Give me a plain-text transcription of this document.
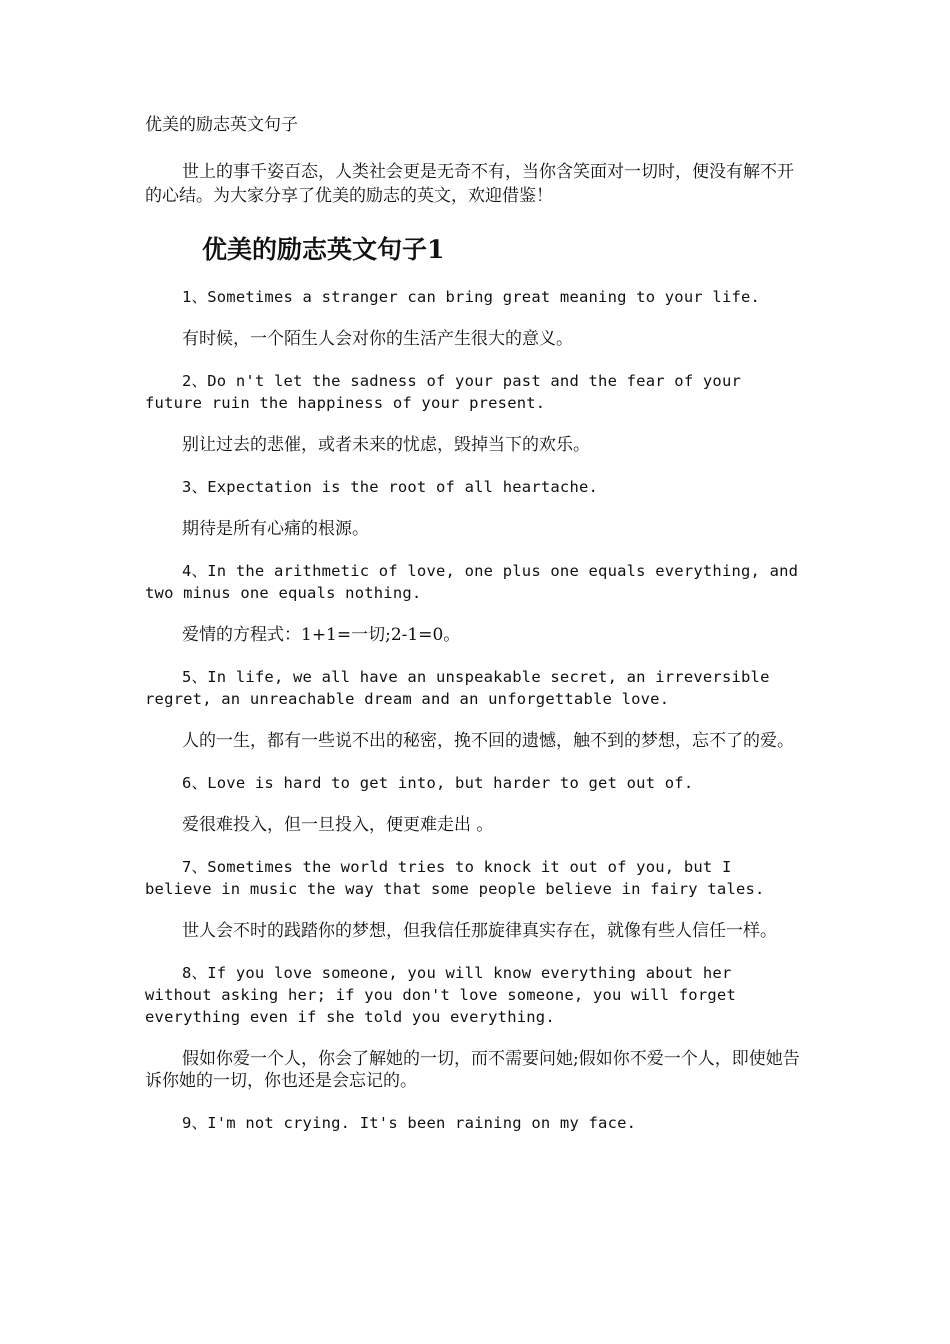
优美的励志英文句子

世上的事千姿百态，人类社会更是无奇不有，当你含笑面对一切时，便没有解不开的心结。为大家分享了优美的励志的英文，欢迎借鉴！

优美的励志英文句子1

1、Sometimes a stranger can bring great meaning to your life.

有时候，一个陌生人会对你的生活产生很大的意义。

2、Do n't let the sadness of your past and the fear of your future ruin the happiness of your present.

别让过去的悲催，或者未来的忧虑，毁掉当下的欢乐。

3、Expectation is the root of all heartache.

期待是所有心痛的根源。

4、In the arithmetic of love, one plus one equals everything, and two minus one equals nothing.

爱情的方程式：1+1=一切;2-1=0。

5、In life, we all have an unspeakable secret, an irreversible regret, an unreachable dream and an unforgettable love.

人的一生，都有一些说不出的秘密，挽不回的遗憾，触不到的梦想，忘不了的爱。

6、Love is hard to get into, but harder to get out of.

爱很难投入，但一旦投入，便更难走出 。

7、Sometimes the world tries to knock it out of you, but I believe in music the way that some people believe in fairy tales.

世人会不时的践踏你的梦想，但我信任那旋律真实存在，就像有些人信任一样。

8、If you love someone, you will know everything about her without asking her; if you don't love someone, you will forget everything even if she told you everything.

假如你爱一个人，你会了解她的一切，而不需要问她;假如你不爱一个人，即使她告诉你她的一切，你也还是会忘记的。

9、I'm not crying. It's been raining on my face.
